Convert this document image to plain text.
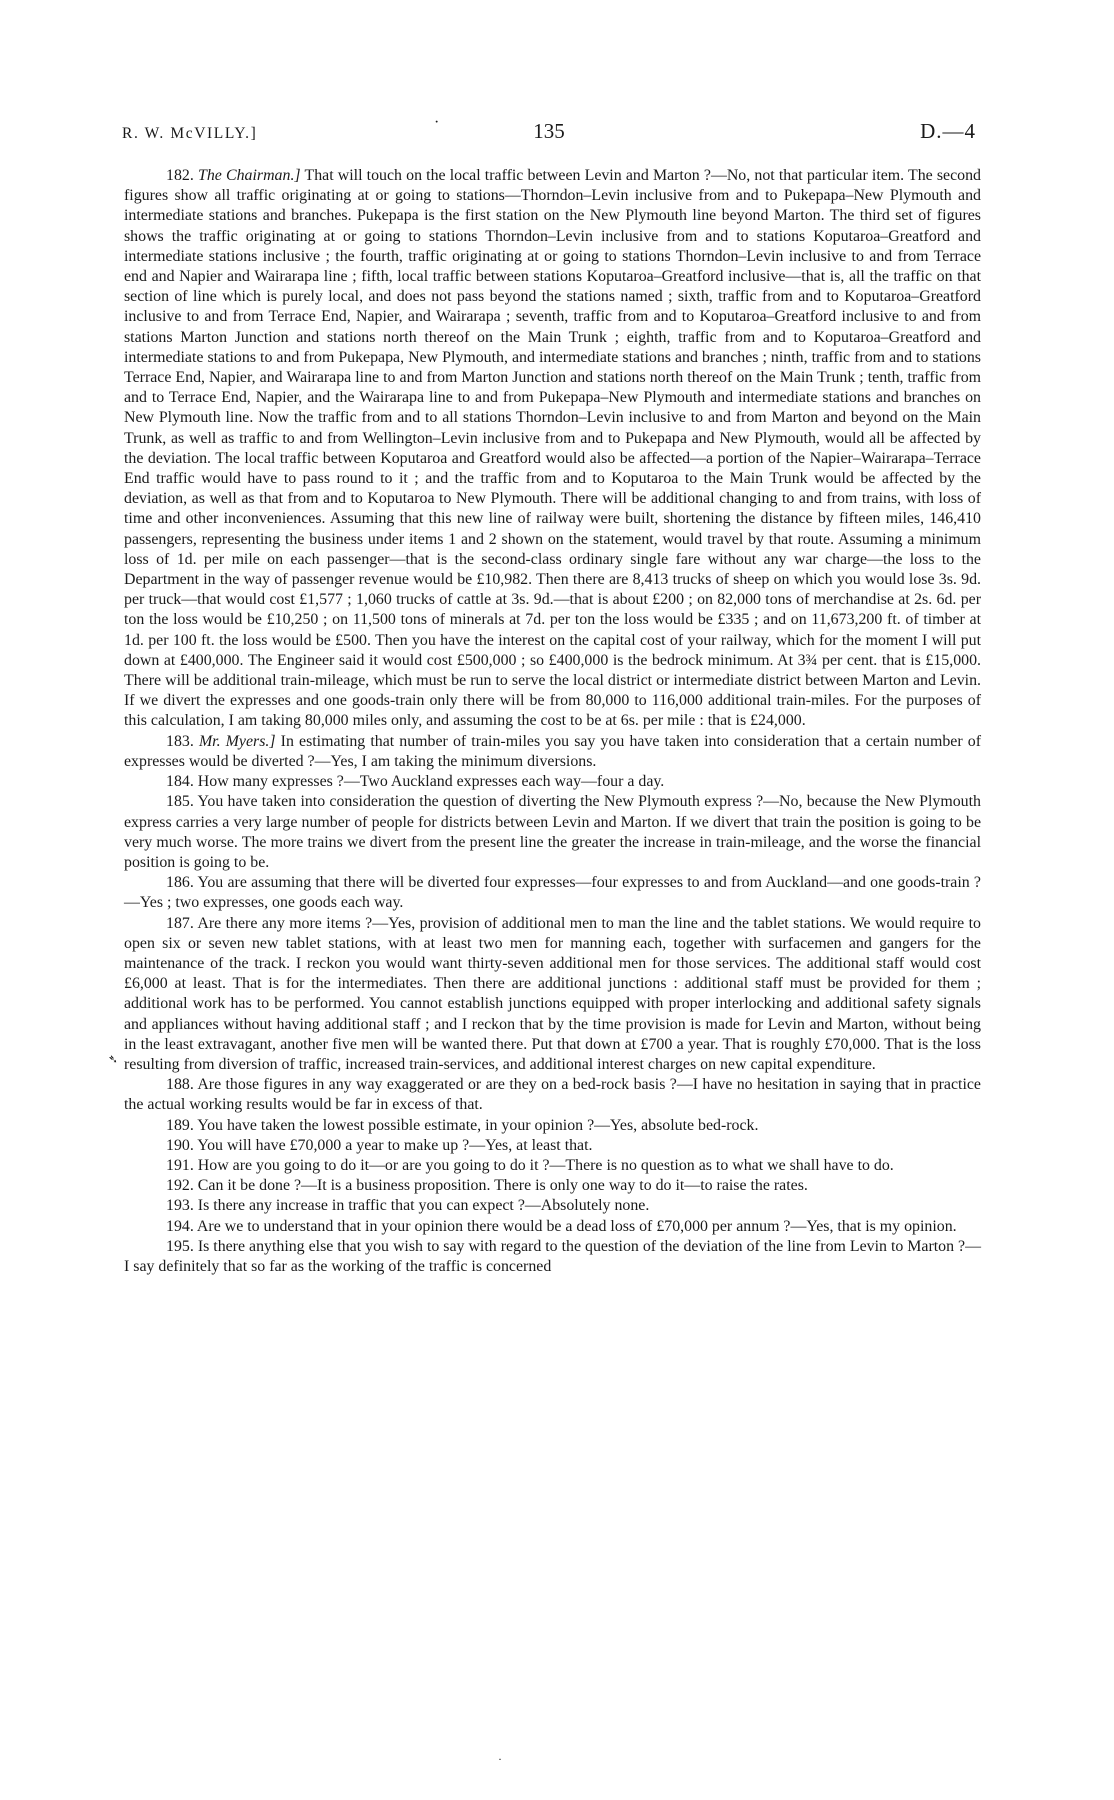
·
R. W. McVILLY.]	135	D.—4
➴

182. The Chairman.] That will touch on the local traffic between Levin and Marton ?—No, not that particular item. The second figures show all traffic originating at or going to stations—Thorndon–Levin inclusive from and to Pukepapa–New Plymouth and intermediate stations and branches. Pukepapa is the first station on the New Plymouth line beyond Marton. The third set of figures shows the traffic originating at or going to stations Thorndon–Levin inclusive from and to stations Koputaroa–Greatford and intermediate stations inclusive ; the fourth, traffic originating at or going to stations Thorndon–Levin inclusive to and from Terrace end and Napier and Wairarapa line ; fifth, local traffic between stations Koputaroa–Greatford inclusive—that is, all the traffic on that section of line which is purely local, and does not pass beyond the stations named ; sixth, traffic from and to Koputaroa–Greatford inclusive to and from Terrace End, Napier, and Wairarapa ; seventh, traffic from and to Koputaroa–Greatford inclusive to and from stations Marton Junction and stations north thereof on the Main Trunk ; eighth, traffic from and to Koputaroa–Greatford and intermediate stations to and from Pukepapa, New Plymouth, and intermediate stations and branches ; ninth, traffic from and to stations Terrace End, Napier, and Wairarapa line to and from Marton Junction and stations north thereof on the Main Trunk ; tenth, traffic from and to Terrace End, Napier, and the Wairarapa line to and from Pukepapa–New Plymouth and intermediate stations and branches on New Plymouth line. Now the traffic from and to all stations Thorndon–Levin inclusive to and from Marton and beyond on the Main Trunk, as well as traffic to and from Wellington–Levin inclusive from and to Pukepapa and New Plymouth, would all be affected by the deviation. The local traffic between Koputaroa and Greatford would also be affected—a portion of the Napier–Wairarapa–Terrace End traffic would have to pass round to it ; and the traffic from and to Koputaroa to the Main Trunk would be affected by the deviation, as well as that from and to Koputaroa to New Plymouth. There will be additional changing to and from trains, with loss of time and other inconveniences. Assuming that this new line of railway were built, shortening the distance by fifteen miles, 146,410 passengers, representing the business under items 1 and 2 shown on the statement, would travel by that route. Assuming a minimum loss of 1d. per mile on each passenger—that is the second-class ordinary single fare without any war charge—the loss to the Department in the way of passenger revenue would be £10,982. Then there are 8,413 trucks of sheep on which you would lose 3s. 9d. per truck—that would cost £1,577 ; 1,060 trucks of cattle at 3s. 9d.—that is about £200 ; on 82,000 tons of merchandise at 2s. 6d. per ton the loss would be £10,250 ; on 11,500 tons of minerals at 7d. per ton the loss would be £335 ; and on 11,673,200 ft. of timber at 1d. per 100 ft. the loss would be £500. Then you have the interest on the capital cost of your railway, which for the moment I will put down at £400,000. The Engineer said it would cost £500,000 ; so £400,000 is the bedrock minimum. At 3¾ per cent. that is £15,000. There will be additional train-mileage, which must be run to serve the local district or intermediate district between Marton and Levin. If we divert the expresses and one goods-train only there will be from 80,000 to 116,000 additional train-miles. For the purposes of this calculation, I am taking 80,000 miles only, and assuming the cost to be at 6s. per mile : that is £24,000.

183. Mr. Myers.] In estimating that number of train-miles you say you have taken into consideration that a certain number of expresses would be diverted ?—Yes, I am taking the minimum diversions.

184. How many expresses ?—Two Auckland expresses each way—four a day.

185. You have taken into consideration the question of diverting the New Plymouth express ?—No, because the New Plymouth express carries a very large number of people for districts between Levin and Marton. If we divert that train the position is going to be very much worse. The more trains we divert from the present line the greater the increase in train-mileage, and the worse the financial position is going to be.

186. You are assuming that there will be diverted four expresses—four expresses to and from Auckland—and one goods-train ?—Yes ; two expresses, one goods each way.

187. Are there any more items ?—Yes, provision of additional men to man the line and the tablet stations. We would require to open six or seven new tablet stations, with at least two men for manning each, together with surfacemen and gangers for the maintenance of the track. I reckon you would want thirty-seven additional men for those services. The additional staff would cost £6,000 at least. That is for the intermediates. Then there are additional junctions : additional staff must be provided for them ; additional work has to be performed. You cannot establish junctions equipped with proper interlocking and additional safety signals and appliances without having additional staff ; and I reckon that by the time provision is made for Levin and Marton, without being in the least extravagant, another five men will be wanted there. Put that down at £700 a year. That is roughly £70,000. That is the loss resulting from diversion of traffic, increased train-services, and additional interest charges on new capital expenditure.

188. Are those figures in any way exaggerated or are they on a bed-rock basis ?—I have no hesitation in saying that in practice the actual working results would be far in excess of that.

189. You have taken the lowest possible estimate, in your opinion ?—Yes, absolute bed-rock.

190. You will have £70,000 a year to make up ?—Yes, at least that.

191. How are you going to do it—or are you going to do it ?—There is no question as to what we shall have to do.

192. Can it be done ?—It is a business proposition. There is only one way to do it—to raise the rates.

193. Is there any increase in traffic that you can expect ?—Absolutely none.

194. Are we to understand that in your opinion there would be a dead loss of £70,000 per annum ?—Yes, that is my opinion.

195. Is there anything else that you wish to say with regard to the question of the deviation of the line from Levin to Marton ?—I say definitely that so far as the working of the traffic is concerned

·
